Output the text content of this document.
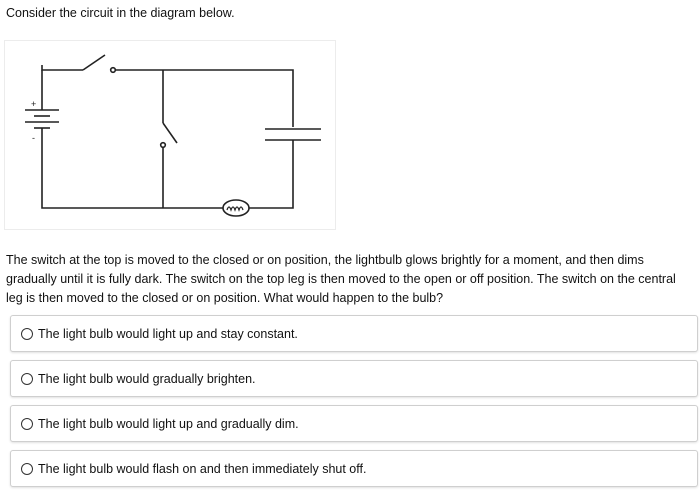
Consider the circuit in the diagram below.
+
-
The switch at the top is moved to the closed or on position, the lightbulb glows brightly for a moment, and then dims gradually until it is fully dark. The switch on the top leg is then moved to the open or off position. The switch on the central leg is then moved to the closed or on position. What would happen to the bulb?
The light bulb would light up and stay constant.
The light bulb would gradually brighten.
The light bulb would light up and gradually dim.
The light bulb would flash on and then immediately shut off.
